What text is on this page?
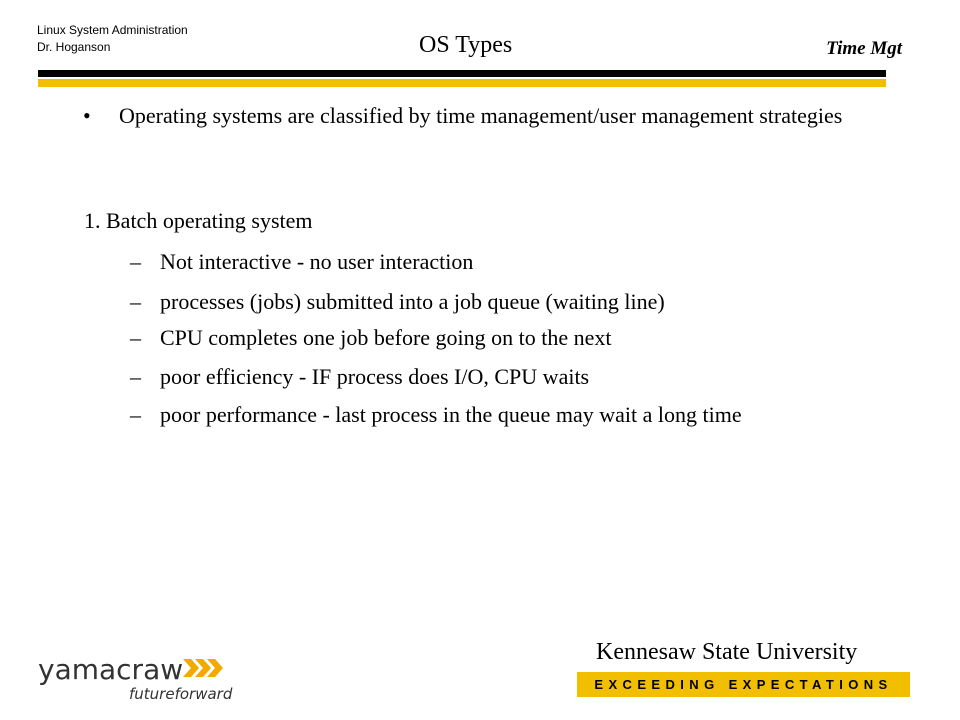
Linux System Administration
Dr. Hoganson	OS Types	Time Mgt
• Operating systems are classified by time management/user management strategies
1. Batch operating system
– Not interactive - no user interaction
– processes (jobs) submitted into a job queue (waiting line)
– CPU completes one job before going on to the next
– poor efficiency - IF process does I/O, CPU waits
– poor performance - last process in the queue may wait a long time
yamacraw
futureforward
Kennesaw State University
EXCEEDING EXPECTATIONS
